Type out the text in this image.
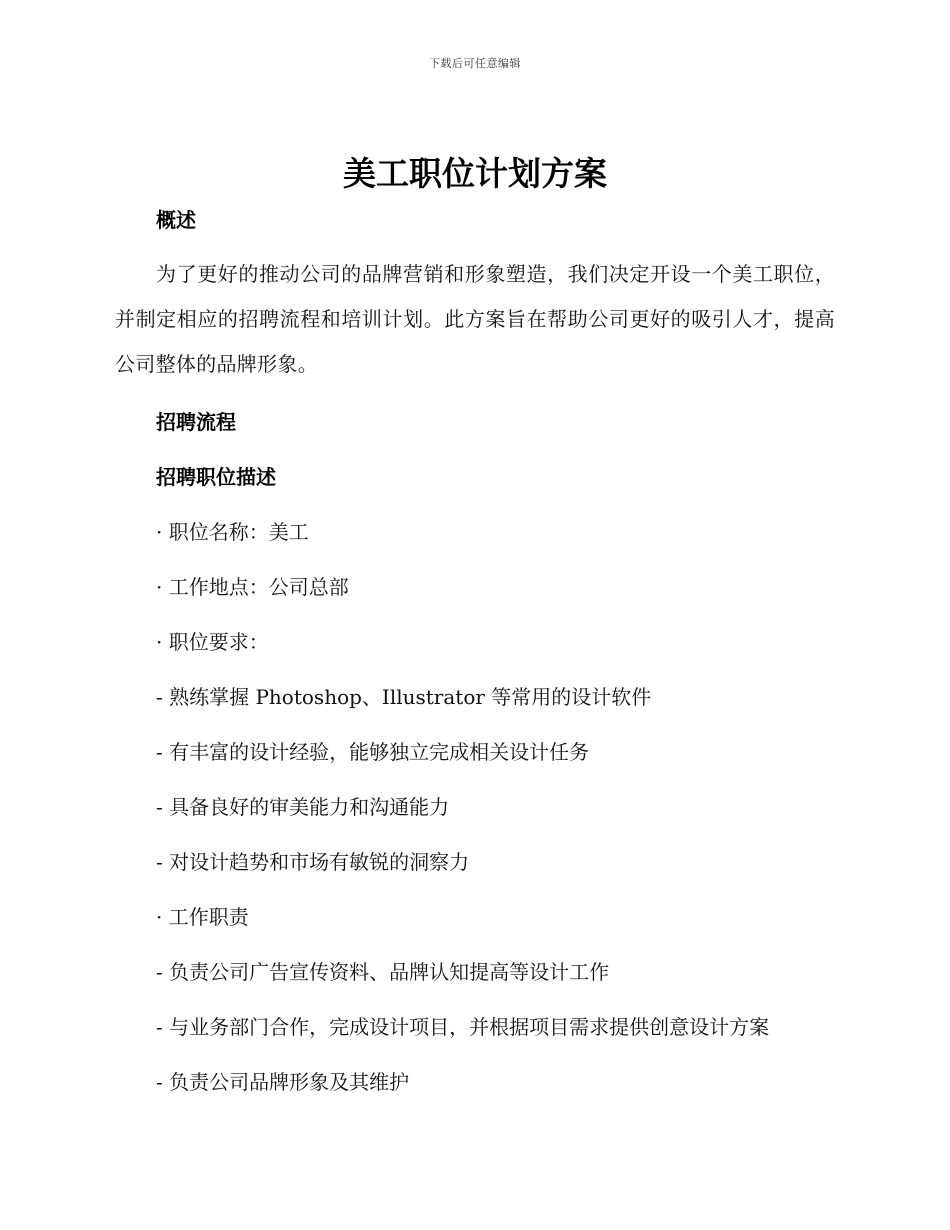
下载后可任意编辑
美工职位计划方案

概述

为了更好的推动公司的品牌营销和形象塑造，我们决定开设一个美工职位，并制定相应的招聘流程和培训计划。此方案旨在帮助公司更好的吸引人才，提高公司整体的品牌形象。

招聘流程

招聘职位描述

· 职位名称：美工

· 工作地点：公司总部

· 职位要求：

- 熟练掌握 Photoshop、Illustrator 等常用的设计软件

- 有丰富的设计经验，能够独立完成相关设计任务

- 具备良好的审美能力和沟通能力

- 对设计趋势和市场有敏锐的洞察力

· 工作职责

- 负责公司广告宣传资料、品牌认知提高等设计工作

- 与业务部门合作，完成设计项目，并根据项目需求提供创意设计方案

- 负责公司品牌形象及其维护
